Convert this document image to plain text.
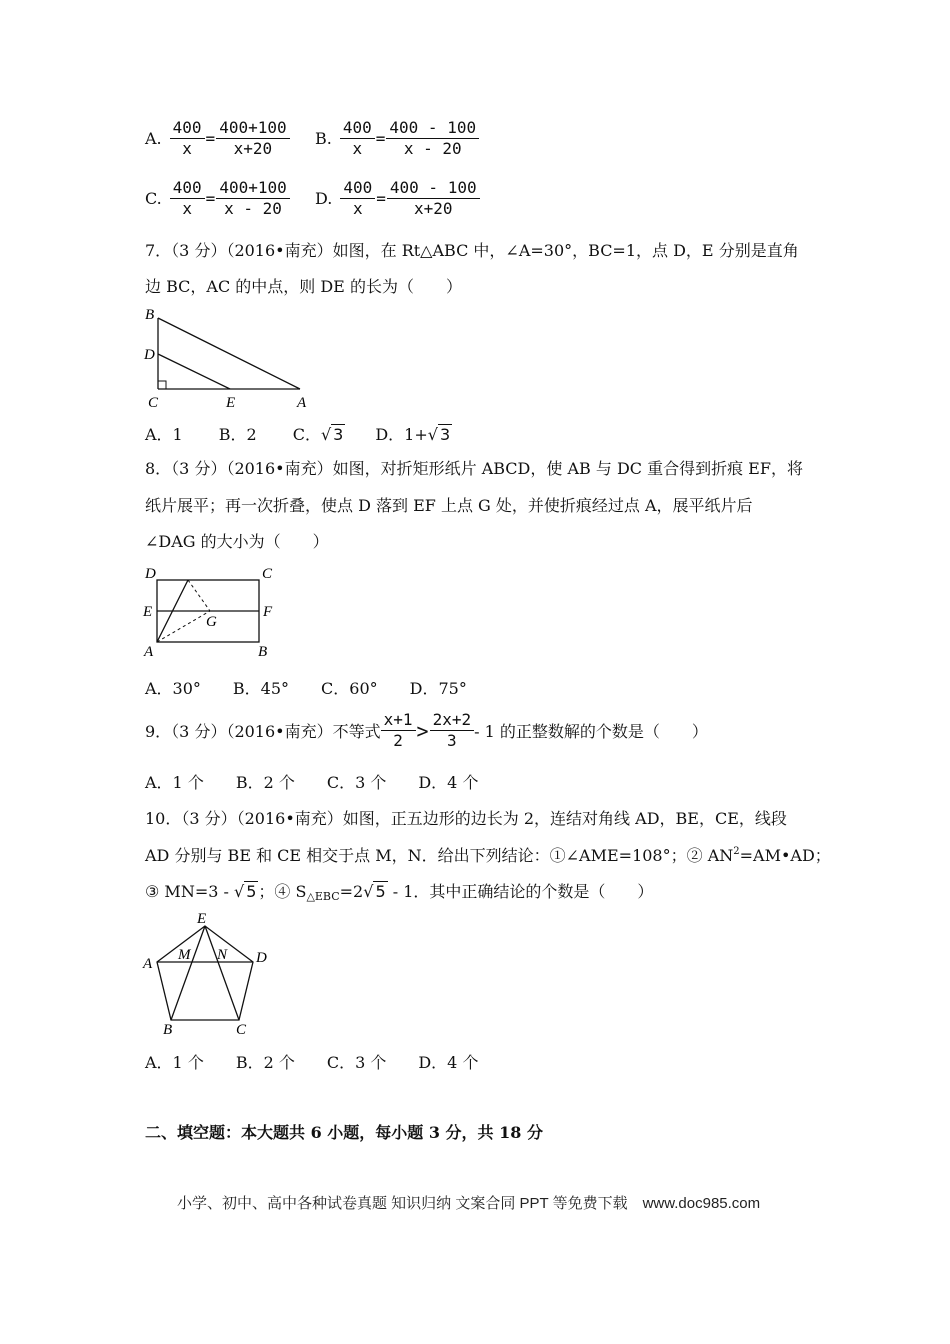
A. $\frac{400}{x} = \frac{400+100}{x+20} B$. $\frac{400}{x} = \frac{400 - 100}{x - 20}$
C. $\frac{400}{x} = \frac{400+100}{x - 20} D$. $\frac{400}{x} = \frac{400 - 100}{x+20}$
7．（3 分）（2016•南充）如图，在 Rt△ABC 中，∠A=30°，BC=1，点 D，E 分别是直角
边 BC，AC 的中点，则 DE 的长为（　　）
B
D
C	E	A
A．1 B．2 C．√ 3 D．1+√ 3
8．（3 分）（2016•南充）如图，对折矩形纸片 ABCD，使 AB 与 DC 重合得到折痕 EF，将
纸片展平；再一次折叠，使点 D 落到 EF 上点 G 处，并使折痕经过点 A，展平纸片后
∠DAG 的大小为（　　）
D	C
E	F
G
A	B
A．30°　　B．45°　　C．60°　　D．75°
9．（3 分）（2016•南充）不等式 $\frac{x+1}{2} > \frac{2x+2}{3} - 1$ 的正整数解的个数是（　　）
A．1 个　　B．2 个　　C．3 个　　D．4 个
10．（3 分）（2016•南充）如图，正五边形的边长为 2，连结对角线 AD，BE，CE，线段
AD 分别与 BE 和 CE 相交于点 M，N．给出下列结论：①∠AME=108°；② $AN^2=AM•AD$；
③ MN=3 - √ 5 ；④ $S_{\triangle EBC}=2√$ 5 - 1．其中正确结论的个数是（　　）
E
A
M N D
B	C
A．1 个　　B．2 个　　C．3 个　　D．4 个
二、填空题：本大题共 6 小题，每小题 3 分，共 18 分
小学、初中、高中各种试卷真题 知识归纳 文案合同 PPT 等免费下载　www.doc985.com
